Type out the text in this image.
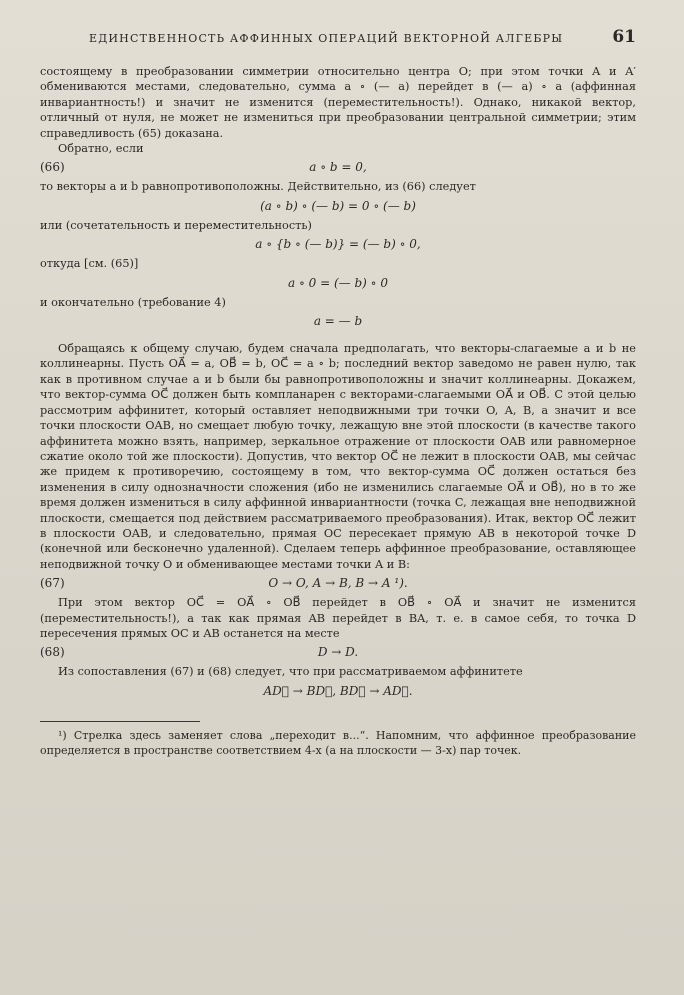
ЕДИНСТВЕННОСТЬ АФФИННЫХ ОПЕРАЦИЙ ВЕКТОРНОЙ АЛГЕБРЫ	61

состоящему в преобразовании симметрии относительно центра O; при этом точки A и A′ обмениваются местами, следовательно, сумма a ∘ (— a) перейдет в (— a) ∘ a (аффинная инвариантность!) и значит не изменится (переместительность!). Однако, никакой вектор, отличный от нуля, не может не измениться при преобразовании центральной симметрии; этим справедливость (65) доказана.

Обратно, если

(66)	a ∘ b = 0,

то векторы a и b равнопротивоположны. Действительно, из (66) следует

(a ∘ b) ∘ (— b) = 0 ∘ (— b)

или (сочетательность и переместительность)

a ∘ {b ∘ (— b)} = (— b) ∘ 0,

откуда [см. (65)]

a ∘ 0 = (— b) ∘ 0

и окончательно (требование 4)

a = — b

Обращаясь к общему случаю, будем сначала предполагать, что векторы-слагаемые a и b не коллинеарны. Пусть OA⃗ = a, OB⃗ = b, OC⃗ = a ∘ b; последний вектор заведомо не равен нулю, так как в противном случае a и b были бы равнопротивоположны и значит коллинеарны. Докажем, что вектор-сумма OC⃗ должен быть компланарен с векторами-слагаемыми OA⃗ и OB⃗. С этой целью рассмотрим аффинитет, который оставляет неподвижными три точки O, A, B, а значит и все точки плоскости OAB, но смещает любую точку, лежащую вне этой плоскости (в качестве такого аффинитета можно взять, например, зеркальное отражение от плоскости OAB или равномерное сжатие около той же плоскости). Допустив, что вектор OC⃗ не лежит в плоскости OAB, мы сейчас же придем к противоречию, состоящему в том, что вектор-сумма OC⃗ должен остаться без изменения в силу однозначности сложения (ибо не изменились слагаемые OA⃗ и OB⃗), но в то же время должен измениться в силу аффинной инвариантности (точка C, лежащая вне неподвижной плоскости, смещается под действием рассматриваемого преобразования). Итак, вектор OC⃗ лежит в плоскости OAB, и следовательно, прямая OC пересекает прямую AB в некоторой точке D (конечной или бесконечно удаленной). Сделаем теперь аффинное преобразование, оставляющее неподвижной точку O и обменивающее местами точки A и B:

(67)	O → O, A → B, B → A ¹).

При этом вектор OC⃗ = OA⃗ ∘ OB⃗ перейдет в OB⃗ ∘ OA⃗ и значит не изменится (переместительность!), а так как прямая AB перейдет в BA, т. е. в самое себя, то точка D пересечения прямых OC и AB останется на месте

(68)	D → D.

Из сопоставления (67) и (68) следует, что при рассматриваемом аффинитете

AD⃗ → BD⃗, BD⃗ → AD⃗.

¹) Стрелка здесь заменяет слова „переходит в...“. Напомним, что аффинное преобразование определяется в пространстве соответствием 4-х (а на плоскости — 3-х) пар точек.
